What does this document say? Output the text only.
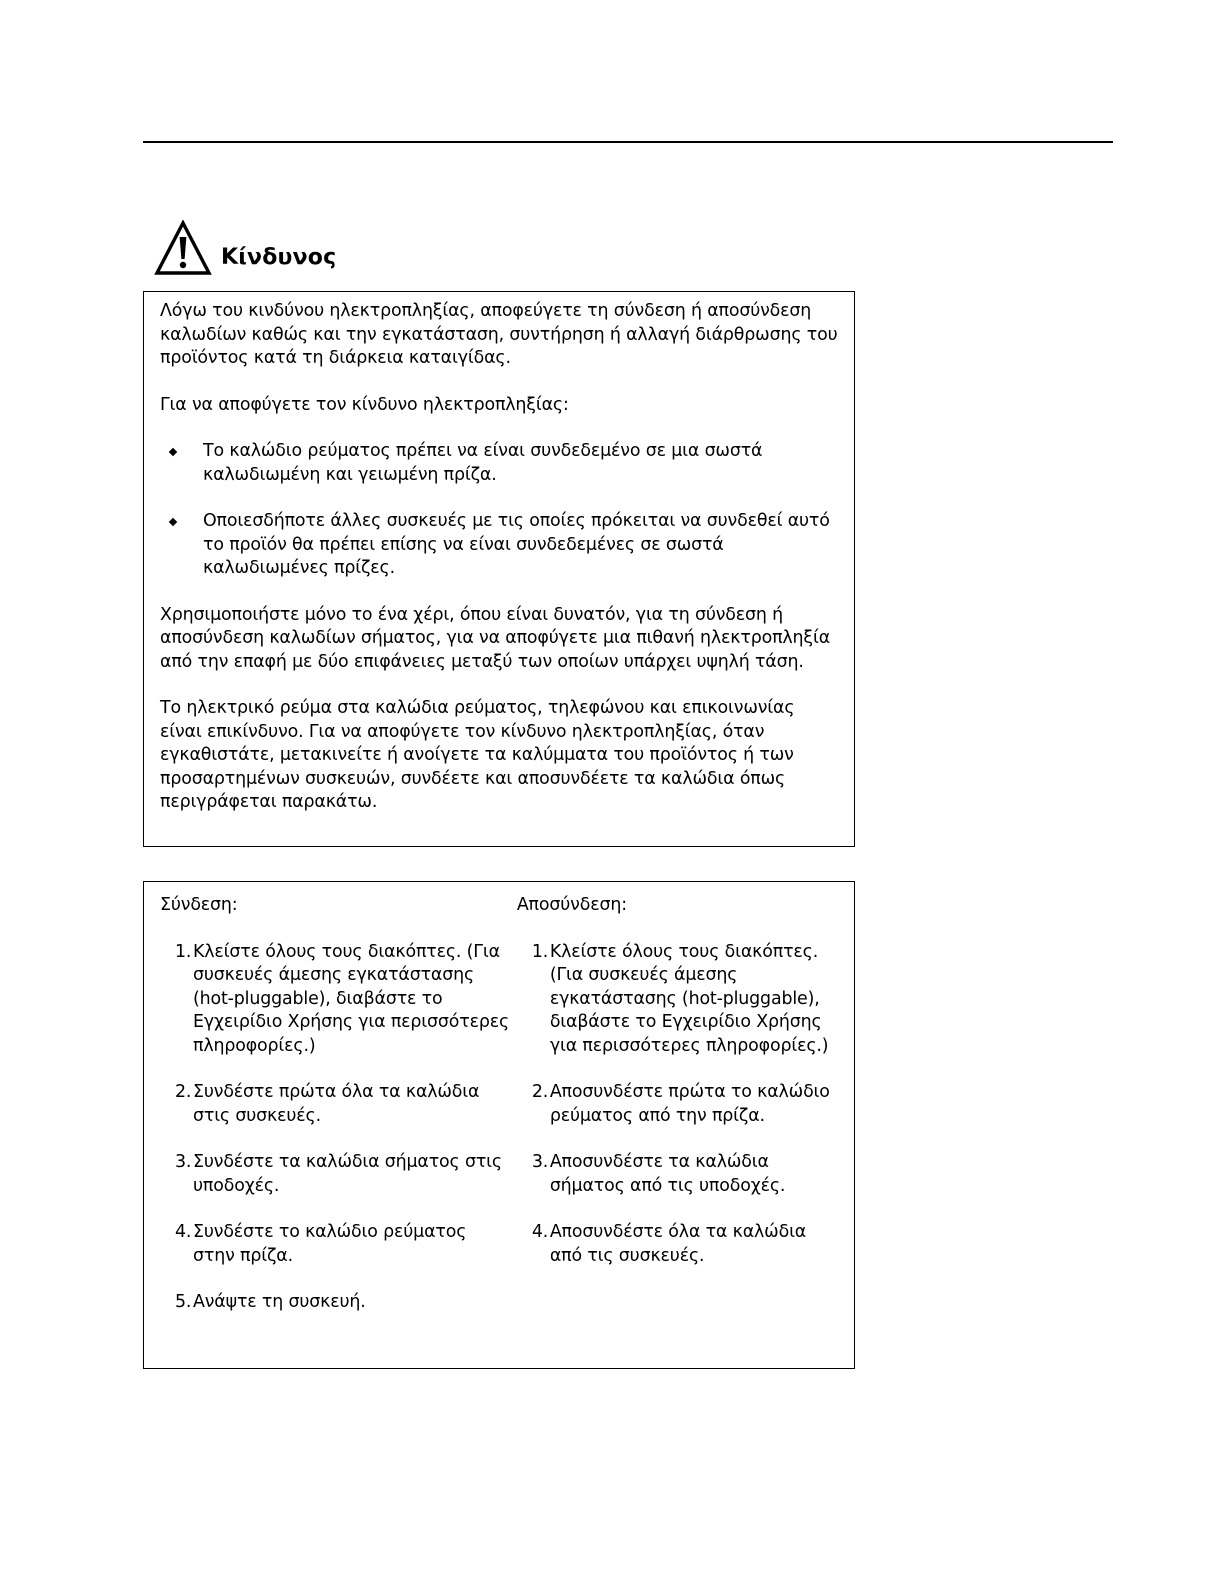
Κίνδυνος

Λόγω του κινδύνου ηλεκτροπληξίας, αποφεύγετε τη σύνδεση ή αποσύνδεση καλωδίων καθώς και την εγκατάσταση, συντήρηση ή αλλαγή διάρθρωσης του προϊόντος κατά τη διάρκεια καταιγίδας.

Για να αποφύγετε τον κίνδυνο ηλεκτροπληξίας:

Το καλώδιο ρεύματος πρέπει να είναι συνδεδεμένο σε μια σωστά καλωδιωμένη και γειωμένη πρίζα.
Οποιεσδήποτε άλλες συσκευές με τις οποίες πρόκειται να συνδεθεί αυτό το προϊόν θα πρέπει επίσης να είναι συνδεδεμένες σε σωστά καλωδιωμένες πρίζες.

Χρησιμοποιήστε μόνο το ένα χέρι, όπου είναι δυνατόν, για τη σύνδεση ή αποσύνδεση καλωδίων σήματος, για να αποφύγετε μια πιθανή ηλεκτροπληξία από την επαφή με δύο επιφάνειες μεταξύ των οποίων υπάρχει υψηλή τάση.

Το ηλεκτρικό ρεύμα στα καλώδια ρεύματος, τηλεφώνου και επικοινωνίας είναι επικίνδυνο. Για να αποφύγετε τον κίνδυνο ηλεκτροπληξίας, όταν εγκαθιστάτε, μετακινείτε ή ανοίγετε τα καλύμματα του προϊόντος ή των προσαρτημένων συσκευών, συνδέετε και αποσυνδέετε τα καλώδια όπως περιγράφεται παρακάτω.

Σύνδεση:

1. Κλείστε όλους τους διακόπτες. (Για συσκευές άμεσης εγκατάστασης (hot-pluggable), διαβάστε το Εγχειρίδιο Χρήσης για περισσότερες πληροφορίες.)
2. Συνδέστε πρώτα όλα τα καλώδια στις συσκευές.
3. Συνδέστε τα καλώδια σήματος στις υποδοχές.
4. Συνδέστε το καλώδιο ρεύματος στην πρίζα.
5. Ανάψτε τη συσκευή.

Αποσύνδεση:

1. Κλείστε όλους τους διακόπτες. (Για συσκευές άμεσης εγκατάστασης (hot-pluggable), διαβάστε το Εγχειρίδιο Χρήσης για περισσότερες πληροφορίες.)
2. Αποσυνδέστε πρώτα το καλώδιο ρεύματος από την πρίζα.
3. Αποσυνδέστε τα καλώδια σήματος από τις υποδοχές.
4. Αποσυνδέστε όλα τα καλώδια από τις συσκευές.
